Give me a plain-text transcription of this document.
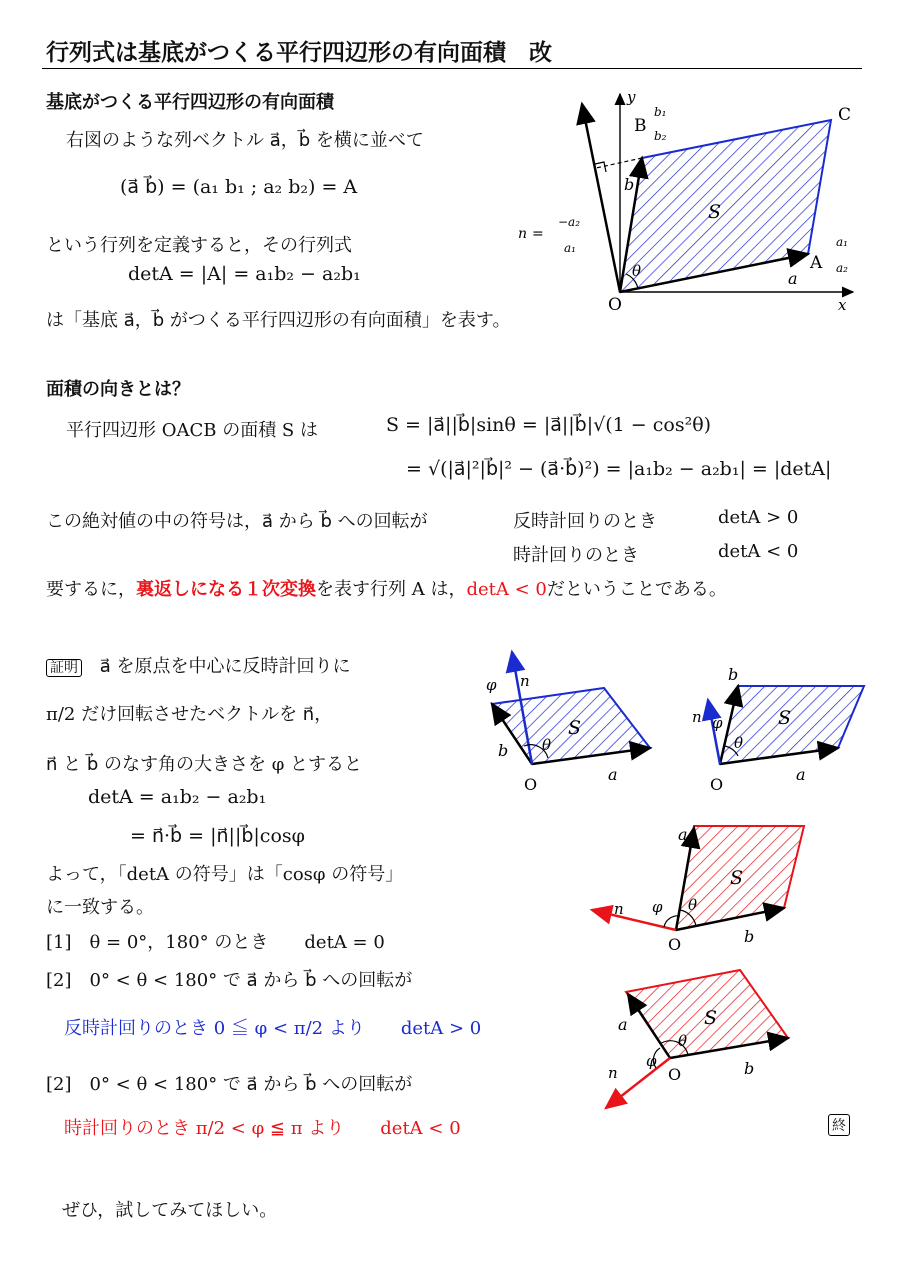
行列式は基底がつくる平行四辺形の有向面積　改
基底がつくる平行四辺形の有向面積
右図のような列ベクトル a⃗，b⃗ を横に並べて
(a⃗ b⃗) = (a₁ b₁ ; a₂ b₂) = A
という行列を定義すると，その行列式
detA = |A| = a₁b₂ − a₂b₁
は「基底 a⃗，b⃗ がつくる平行四辺形の有向面積」を表す。
O
y
x
θ
S
a
b
B
C
A
b₁
b₂
a₁
a₂
n =
−a₂
a₁
面積の向きとは？
平行四辺形 OACB の面積 S は	S = |a⃗||b⃗|sinθ = |a⃗||b⃗|√(1 − cos²θ)
= √(|a⃗|²|b⃗|² − (a⃗·b⃗)²) = |a₁b₂ − a₂b₁| = |detA|
この絶対値の中の符号は，a⃗ から b⃗ への回転が	反時計回りのとき	detA > 0
時計回りのとき	detA < 0
要するに，裏返しになる１次変換を表す行列 A は，detA < 0だということである。
証明 a⃗ を原点を中心に反時計回りに
π/2 だけ回転させたベクトルを n⃗，
n⃗ と b⃗ のなす角の大きさを φ とすると
detA = a₁b₂ − a₂b₁
= n⃗·b⃗ = |n⃗||b⃗|cosφ
よって，「detA の符号」は「cosφ の符号」
に一致する。
[1]　θ = 0°，180° のとき　　detA = 0
[2]　0° < θ < 180° で a⃗ から b⃗ への回転が
反時計回りのとき 0 ≦ φ < π/2 より　　detA > 0
[2]　0° < θ < 180° で a⃗ から b⃗ への回転が
時計回りのとき π/2 < φ ≦ π より　　detA < 0	終
ぜひ，試してみてほしい。
O
θ
S
a
b
n
φ
O
θ
φ	S
a
b
n
O
θ
φ
S
b
a
n
O
θ
φ
S
b
a
n
